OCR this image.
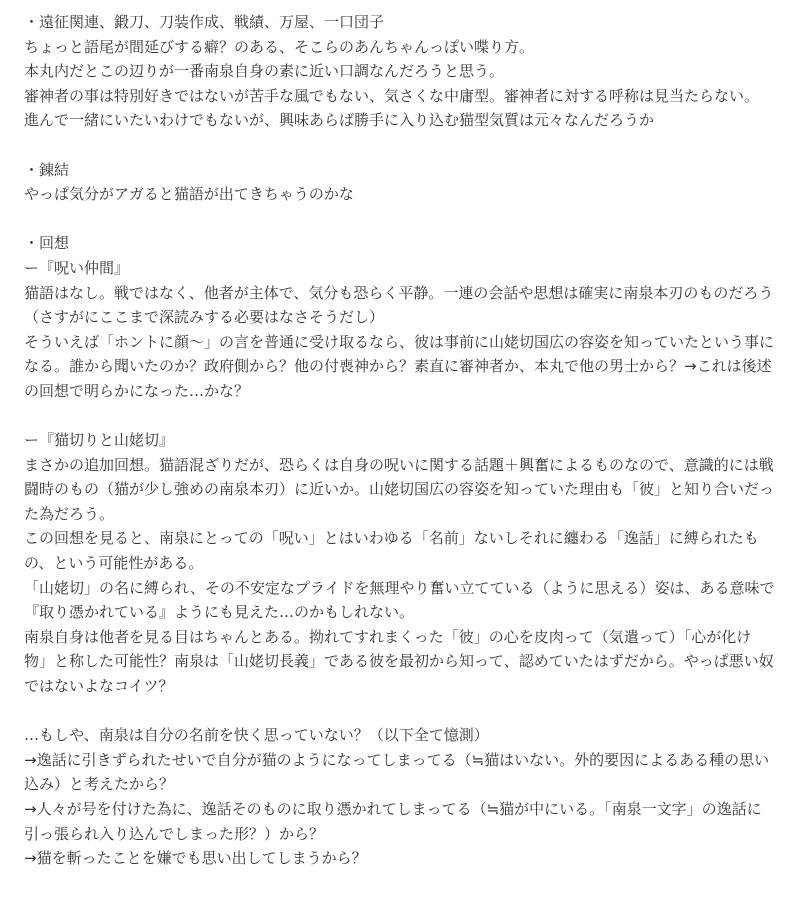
・遠征関連、鍛刀、刀装作成、戦績、万屋、一口団子
ちょっと語尾が間延びする癖？のある、そこらのあんちゃんっぽい喋り方。
本丸内だとこの辺りが一番南泉自身の素に近い口調なんだろうと思う。
審神者の事は特別好きではないが苦手な風でもない、気さくな中庸型。審神者に対する呼称は見当たらない。
進んで一緒にいたいわけでもないが、興味あらば勝手に入り込む猫型気質は元々なんだろうか
・錬結
やっぱ気分がアガると猫語が出てきちゃうのかな
・回想
ー『呪い仲間』
猫語はなし。戦ではなく、他者が主体で、気分も恐らく平静。一連の会話や思想は確実に南泉本刃のものだろう
（さすがにここまで深読みする必要はなさそうだし）
そういえば「ホントに顔〜」の言を普通に受け取るなら、彼は事前に山姥切国広の容姿を知っていたという事に
なる。誰から聞いたのか？政府側から？他の付喪神から？素直に審神者か、本丸で他の男士から？→これは後述
の回想で明らかになった…かな？
ー『猫切りと山姥切』
まさかの追加回想。猫語混ざりだが、恐らくは自身の呪いに関する話題＋興奮によるものなので、意識的には戦
闘時のもの（猫が少し強めの南泉本刃）に近いか。山姥切国広の容姿を知っていた理由も「彼」と知り合いだっ
た為だろう。
この回想を見ると、南泉にとっての「呪い」とはいわゆる「名前」ないしそれに纏わる「逸話」に縛られたも
の、という可能性がある。
「山姥切」の名に縛られ、その不安定なプライドを無理やり奮い立てている（ように思える）姿は、ある意味で
『取り憑かれている』ようにも見えた…のかもしれない。
南泉自身は他者を見る目はちゃんとある。拗れてすれまくった「彼」の心を皮肉って（気遣って）「心が化け
物」と称した可能性？南泉は「山姥切長義」である彼を最初から知って、認めていたはずだから。やっぱ悪い奴
ではないよなコイツ？
…もしや、南泉は自分の名前を快く思っていない？（以下全て憶測）
→逸話に引きずられたせいで自分が猫のようになってしまってる（≒猫はいない。外的要因によるある種の思い
込み）と考えたから？
→人々が号を付けた為に、逸話そのものに取り憑かれてしまってる（≒猫が中にいる。「南泉一文字」の逸話に
引っ張られ入り込んでしまった形？）から？
→猫を斬ったことを嫌でも思い出してしまうから？
